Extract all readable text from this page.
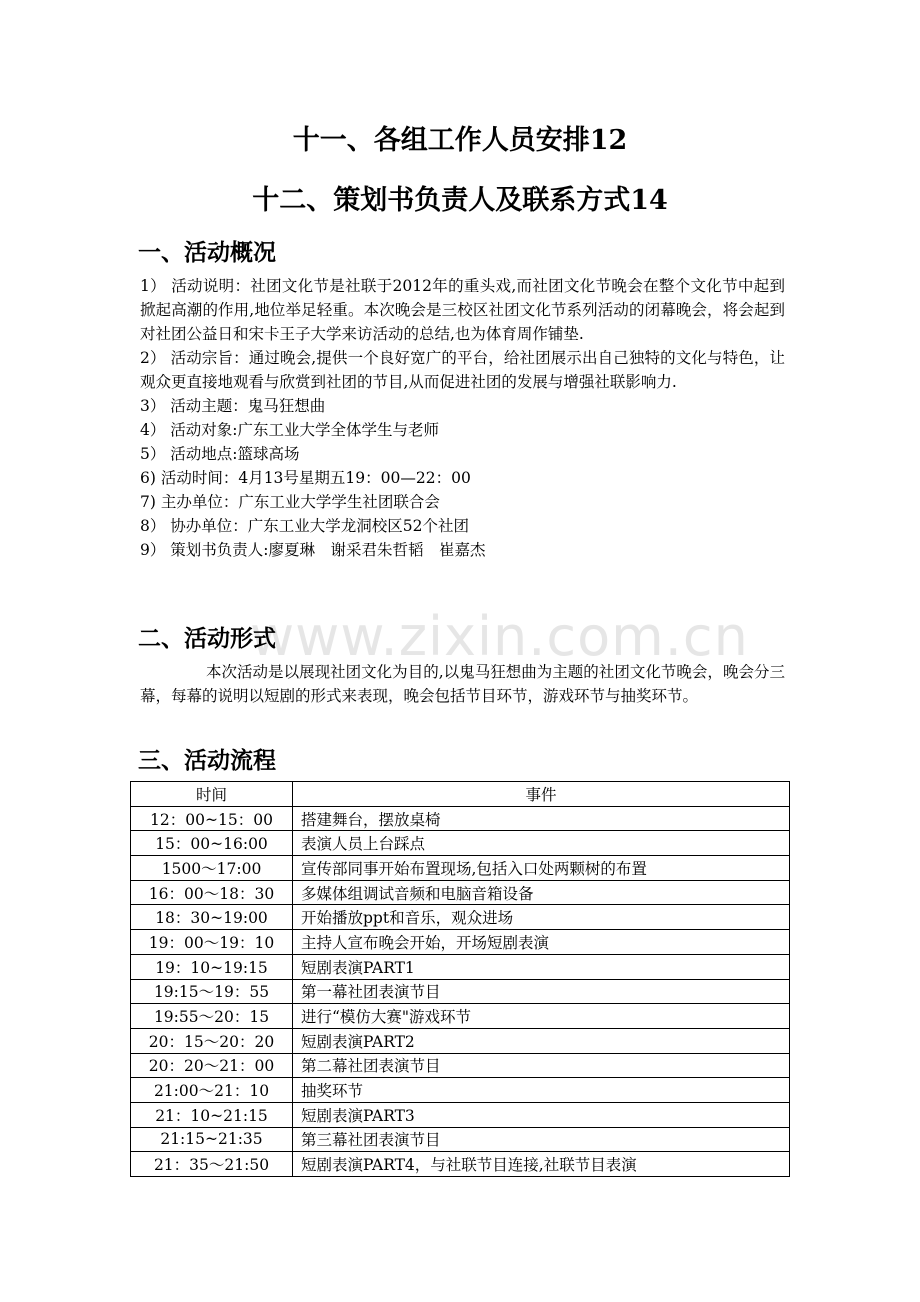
www.zixin.com.cn
十一、各组工作人员安排12
十二、策划书负责人及联系方式14
一、活动概况

1） 活动说明：社团文化节是社联于2012年的重头戏,而社团文化节晚会在整个文化节中起到掀起高潮的作用,地位举足轻重。本次晚会是三校区社团文化节系列活动的闭幕晚会，将会起到对社团公益日和宋卡王子大学来访活动的总结,也为体育周作铺垫.

2） 活动宗旨：通过晚会,提供一个良好宽广的平台，给社团展示出自己独特的文化与特色，让观众更直接地观看与欣赏到社团的节目,从而促进社团的发展与增强社联影响力.

3） 活动主题：鬼马狂想曲

4） 活动对象:广东工业大学全体学生与老师

5） 活动地点:篮球高场

6) 活动时间：4月13号星期五19：00—22：00

7) 主办单位：广东工业大学学生社团联合会

8） 协办单位：广东工业大学龙洞校区52个社团

9） 策划书负责人:廖夏琳　谢采君朱哲韬　崔嘉杰

二、活动形式

本次活动是以展现社团文化为目的,以鬼马狂想曲为主题的社团文化节晚会，晚会分三幕，每幕的说明以短剧的形式来表现，晚会包括节目环节，游戏环节与抽奖环节。

三、活动流程
时间	事件
12：00~15：00	搭建舞台，摆放桌椅
15：00~16:00	表演人员上台踩点
1500～17:00	宣传部同事开始布置现场,包括入口处两颗树的布置
16：00～18：30	多媒体组调试音频和电脑音箱设备
18：30~19:00	开始播放ppt和音乐，观众进场
19：00～19：10	主持人宣布晚会开始，开场短剧表演
19：10~19:15	短剧表演PART1
19:15～19：55	第一幕社团表演节目
19:55～20：15	进行“模仿大赛"游戏环节
20：15～20：20	短剧表演PART2
20：20～21：00	第二幕社团表演节目
21:00～21：10	抽奖环节
21：10~21:15	短剧表演PART3
21:15~21:35	第三幕社团表演节目
21：35～21:50	短剧表演PART4，与社联节目连接,社联节目表演
